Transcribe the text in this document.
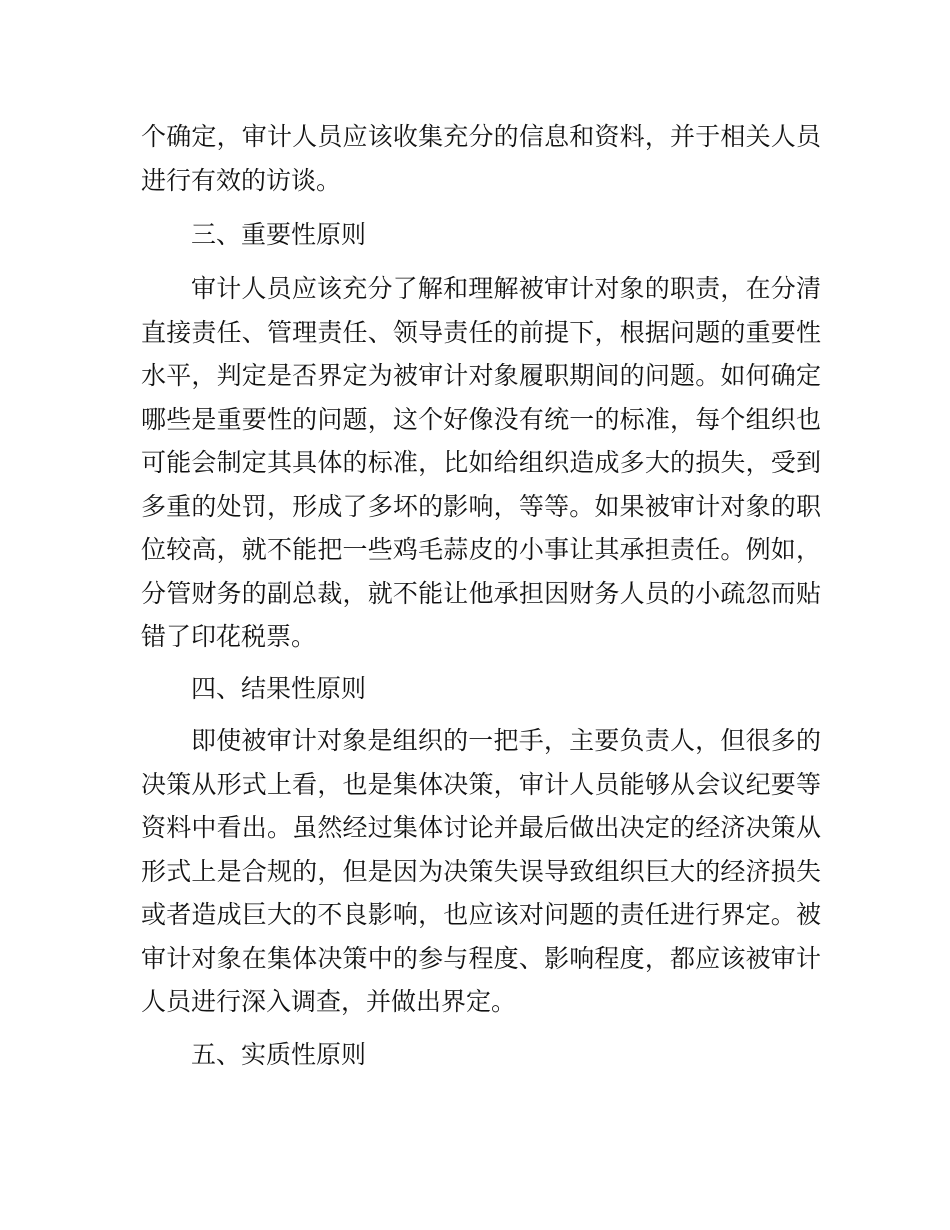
个确定，审计人员应该收集充分的信息和资料，并于相关人员
进行有效的访谈。
三、重要性原则
审计人员应该充分了解和理解被审计对象的职责，在分清
直接责任、管理责任、领导责任的前提下，根据问题的重要性
水平，判定是否界定为被审计对象履职期间的问题。如何确定
哪些是重要性的问题，这个好像没有统一的标准，每个组织也
可能会制定其具体的标准，比如给组织造成多大的损失，受到
多重的处罚，形成了多坏的影响，等等。如果被审计对象的职
位较高，就不能把一些鸡毛蒜皮的小事让其承担责任。例如，
分管财务的副总裁，就不能让他承担因财务人员的小疏忽而贴
错了印花税票。
四、结果性原则
即使被审计对象是组织的一把手，主要负责人，但很多的
决策从形式上看，也是集体决策，审计人员能够从会议纪要等
资料中看出。虽然经过集体讨论并最后做出决定的经济决策从
形式上是合规的，但是因为决策失误导致组织巨大的经济损失
或者造成巨大的不良影响，也应该对问题的责任进行界定。被
审计对象在集体决策中的参与程度、影响程度，都应该被审计
人员进行深入调查，并做出界定。
五、实质性原则
